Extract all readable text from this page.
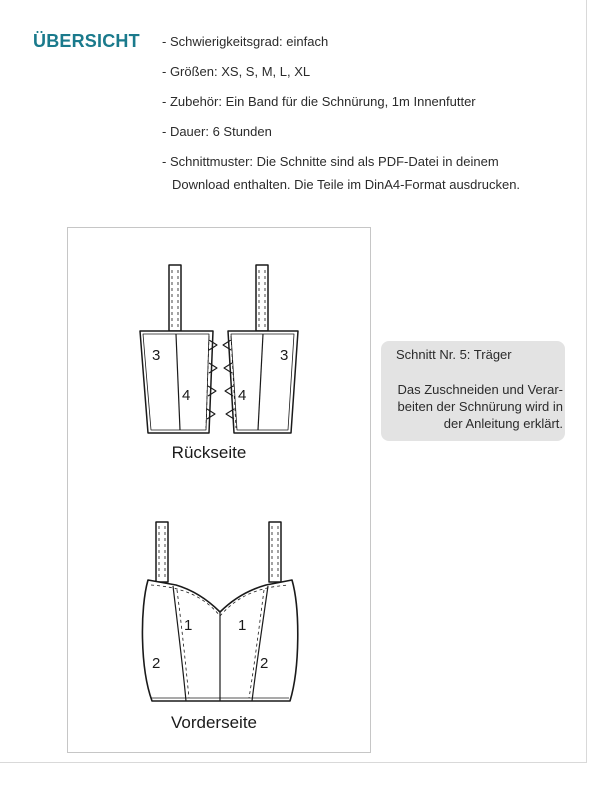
ÜBERSICHT - Schwierigkeitsgrad: einfach
- Größen: XS, S, M, L, XL
- Zubehör: Ein Band für die Schnürung, 1m Innenfutter
- Dauer: 6 Stunden
- Schnittmuster: Die Schnitte sind als PDF-Datei in deinem
Download enthalten. Die Teile im DinA4-Format ausdrucken.
3
4
3
4
Rückseite
1	1
2	2
Vorderseite
Schnitt Nr. 5: Träger
Das Zuschneiden und Verar-
beiten der Schnürung wird in
der Anleitung erklärt.
